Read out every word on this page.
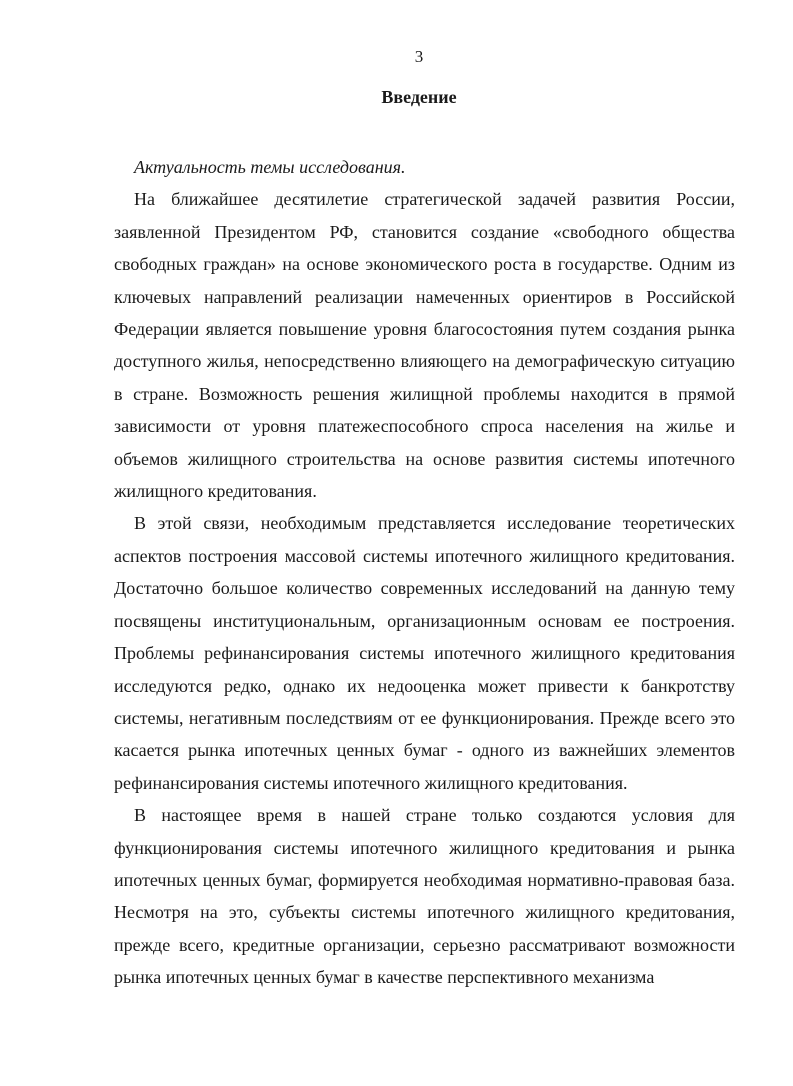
3
Введение

Актуальность темы исследования.

На ближайшее десятилетие стратегической задачей развития России, заявленной Президентом РФ, становится создание «свободного общества свободных граждан» на основе экономического роста в государстве. Одним из ключевых направлений реализации намеченных ориентиров в Российской Федерации является повышение уровня благосостояния путем создания рынка доступного жилья, непосредственно влияющего на демографическую ситуацию в стране. Возможность решения жилищной проблемы находится в прямой зависимости от уровня платежеспособного спроса населения на жилье и объемов жилищного строительства на основе развития системы ипотечного жилищного кредитования.

В этой связи, необходимым представляется исследование теоретических аспектов построения массовой системы ипотечного жилищного кредитования. Достаточно большое количество современных исследований на данную тему посвящены институциональным, организационным основам ее построения. Проблемы рефинансирования системы ипотечного жилищного кредитования исследуются редко, однако их недооценка может привести к банкротству системы, негативным последствиям от ее функционирования. Прежде всего это касается рынка ипотечных ценных бумаг - одного из важнейших элементов рефинансирования системы ипотечного жилищного кредитования.

В настоящее время в нашей стране только создаются условия для функционирования системы ипотечного жилищного кредитования и рынка ипотечных ценных бумаг, формируется необходимая нормативно-правовая база. Несмотря на это, субъекты системы ипотечного жилищного кредитования, прежде всего, кредитные организации, серьезно рассматривают возможности рынка ипотечных ценных бумаг в качестве перспективного механизма
